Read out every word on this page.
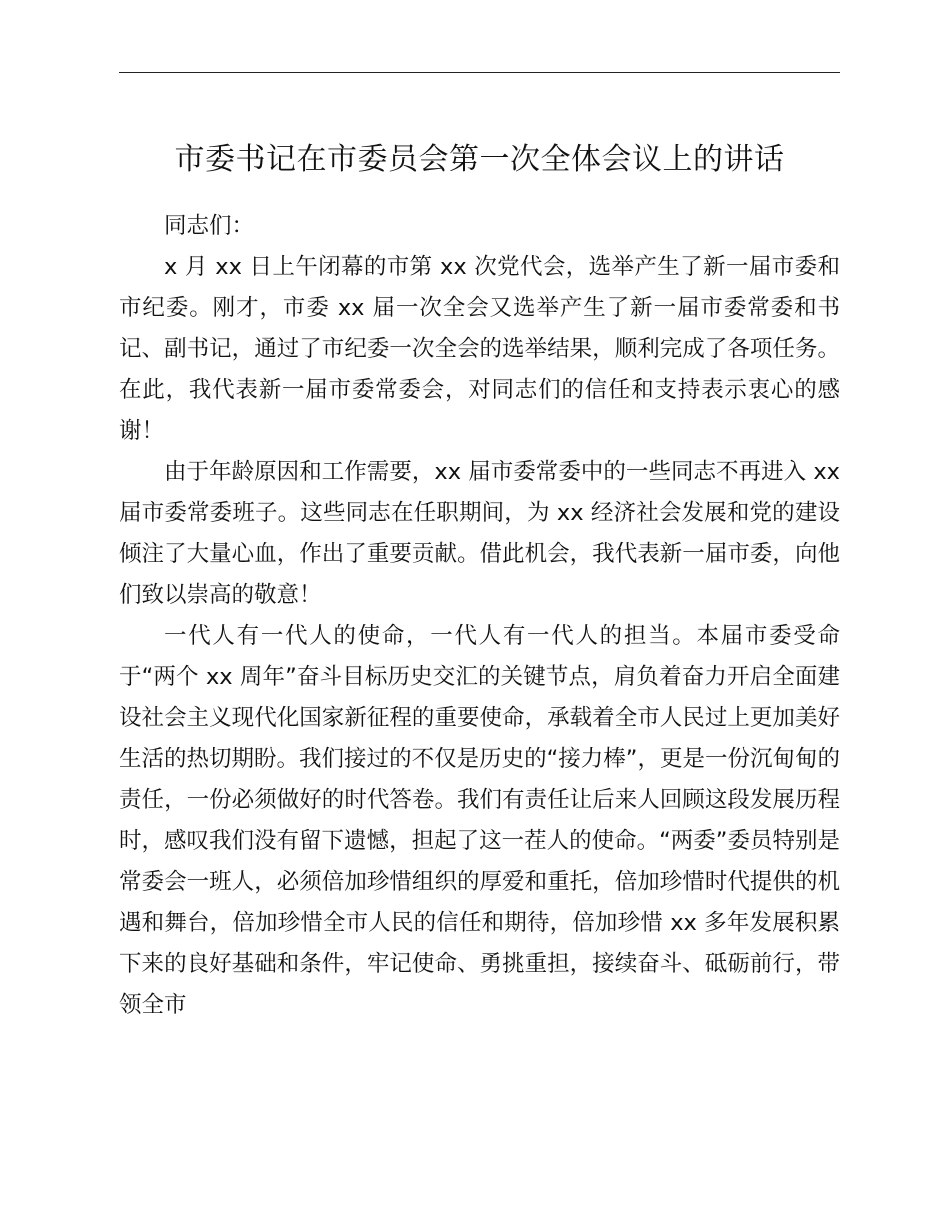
市委书记在市委员会第一次全体会议上的讲话

同志们：

x 月 xx 日上午闭幕的市第 xx 次党代会，选举产生了新一届市委和市纪委。刚才，市委 xx 届一次全会又选举产生了新一届市委常委和书记、副书记，通过了市纪委一次全会的选举结果，顺利完成了各项任务。在此，我代表新一届市委常委会，对同志们的信任和支持表示衷心的感谢！

由于年龄原因和工作需要，xx 届市委常委中的一些同志不再进入 xx 届市委常委班子。这些同志在任职期间，为 xx 经济社会发展和党的建设倾注了大量心血，作出了重要贡献。借此机会，我代表新一届市委，向他们致以崇高的敬意！

一代人有一代人的使命，一代人有一代人的担当。本届市委受命于“两个 xx 周年”奋斗目标历史交汇的关键节点，肩负着奋力开启全面建设社会主义现代化国家新征程的重要使命，承载着全市人民过上更加美好生活的热切期盼。我们接过的不仅是历史的“接力棒”，更是一份沉甸甸的责任，一份必须做好的时代答卷。我们有责任让后来人回顾这段发展历程时，感叹我们没有留下遗憾，担起了这一茬人的使命。“两委”委员特别是常委会一班人，必须倍加珍惜组织的厚爱和重托，倍加珍惜时代提供的机遇和舞台，倍加珍惜全市人民的信任和期待，倍加珍惜 xx 多年发展积累下来的良好基础和条件，牢记使命、勇挑重担，接续奋斗、砥砺前行，带领全市
